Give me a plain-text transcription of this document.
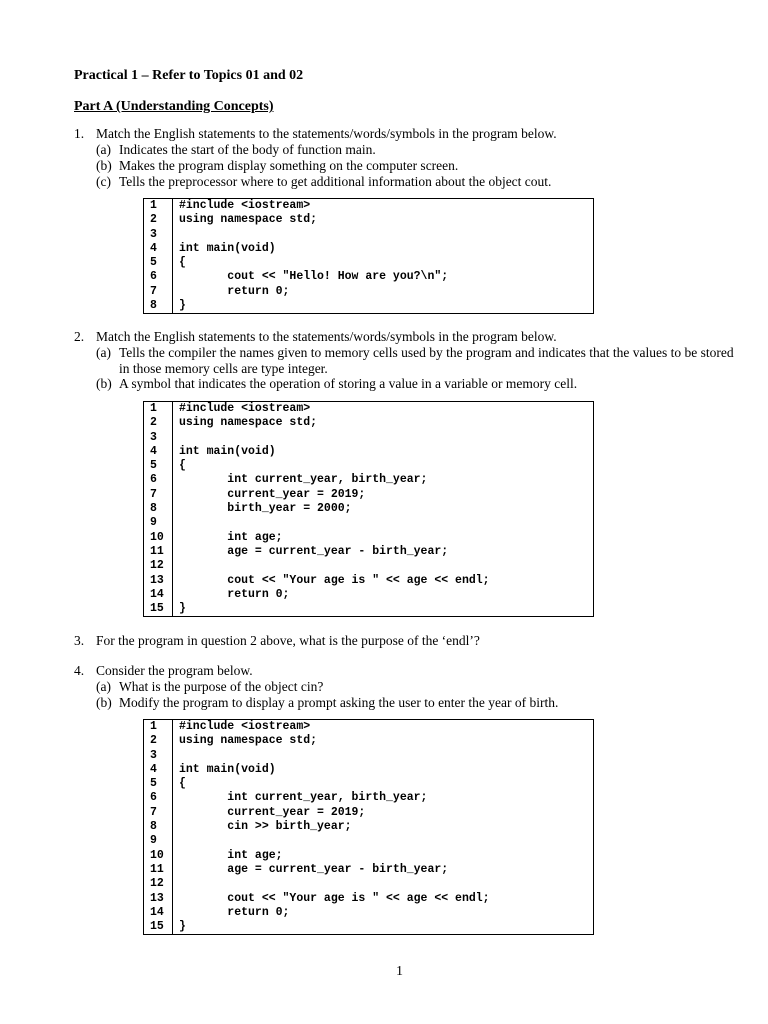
Practical 1 – Refer to Topics 01 and 02
Part A (Understanding Concepts)
1. Match the English statements to the statements/words/symbols in the program below.
(a) Indicates the start of the body of function main.
(b) Makes the program display something on the computer screen.
(c) Tells the preprocessor where to get additional information about the object cout.
1
2
3
4
5
6
7
8
#include <iostream>
using namespace std;
int main(void)
{
cout << "Hello! How are you?\n";
return 0;
}
2. Match the English statements to the statements/words/symbols in the program below.
(a) Tells the compiler the names given to memory cells used by the program and indicates that the values to be stored in those memory cells are type integer.
(b) A symbol that indicates the operation of storing a value in a variable or memory cell.
1
2
3
4
5
6
7
8
9
10
11
12
13
14
15
#include <iostream>
using namespace std;
int main(void)
{
int current_year, birth_year;
current_year = 2019;
birth_year = 2000;
int age;
age = current_year - birth_year;
cout << "Your age is " << age << endl;
return 0;
}
3. For the program in question 2 above, what is the purpose of the ‘endl’?
4. Consider the program below.
(a) What is the purpose of the object cin?
(b) Modify the program to display a prompt asking the user to enter the year of birth.
1
2
3
4
5
6
7
8
9
10
11
12
13
14
15
#include <iostream>
using namespace std;
int main(void)
{
int current_year, birth_year;
current_year = 2019;
cin >> birth_year;
int age;
age = current_year - birth_year;
cout << "Your age is " << age << endl;
return 0;
}
1
